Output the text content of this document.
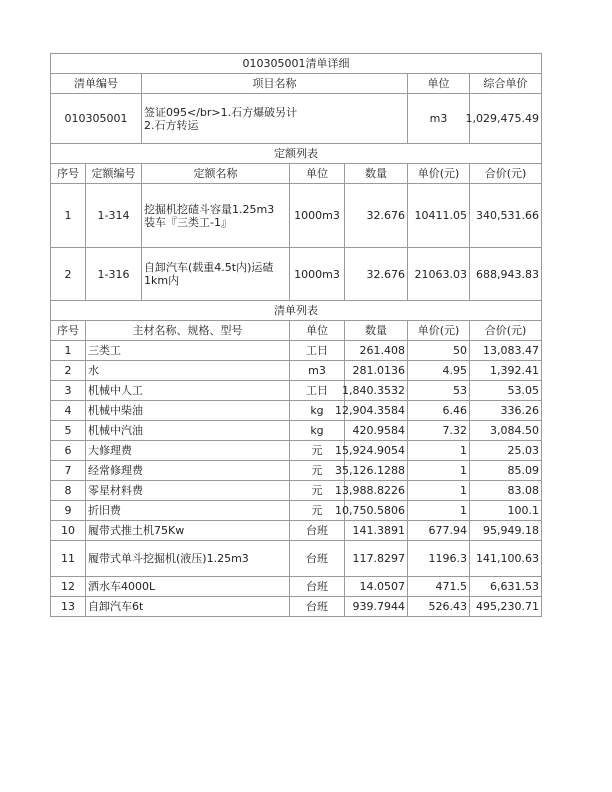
010305001清单详细						
清单编号		项目名称			单位	综合单价
010305001		签证095</br>1.石方爆破另计
2.石方转运			m3	1,029,475.49
定额列表						
序号	定额编号	定额名称	单位	数量	单价(元)	合价(元)
1	1-314	挖掘机挖碴斗容量1.25m3
装车『三类工-1』	1000m3	32.676	10411.05	340,531.66
2	1-316	自卸汽车(载重4.5t内)运碴
1km内	1000m3	32.676	21063.03	688,943.83
清单列表						
序号	主材名称、规格、型号		单位	数量	单价(元)	合价(元)
1	三类工		工日	261.408	50	13,083.47
2	水		m3	281.0136	4.95	1,392.41
3	机械中人工		工日	1,840.3532	53	53.05
4	机械中柴油		kg	12,904.3584	6.46	336.26
5	机械中汽油		kg	420.9584	7.32	3,084.50
6	大修理费		元	15,924.9054	1	25.03
7	经常修理费		元	35,126.1288	1	85.09
8	零星材料费		元	13,988.8226	1	83.08
9	折旧费		元	10,750.5806	1	100.1
10	履带式推土机75Kw		台班	141.3891	677.94	95,949.18
11	履带式单斗挖掘机(液压)1.25m3		台班	117.8297	1196.3	141,100.63
12	洒水车4000L		台班	14.0507	471.5	6,631.53
13	自卸汽车6t		台班	939.7944	526.43	495,230.71
